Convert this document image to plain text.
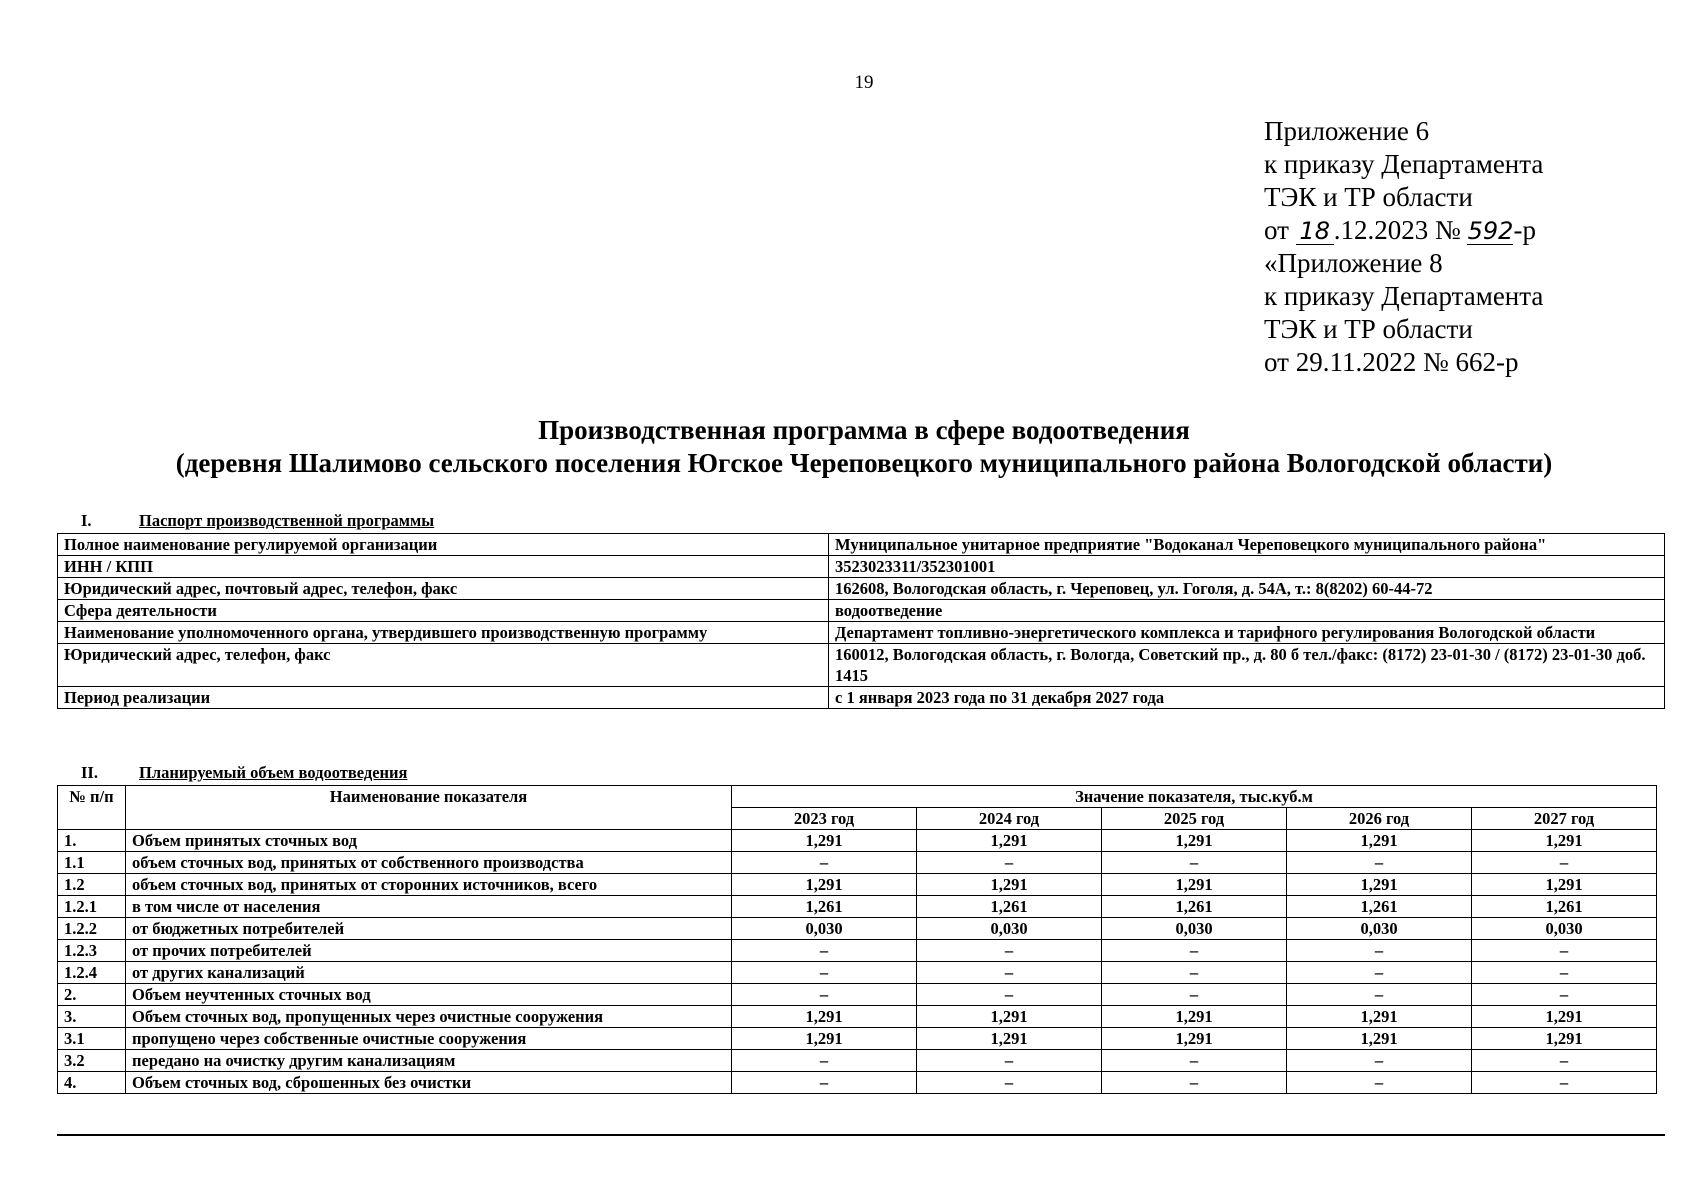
19
Приложение 6
к приказу Департамента
ТЭК и ТР области
от 18 .12.2023 № 592-р
«Приложение 8
к приказу Департамента
ТЭК и ТР области
от 29.11.2022 № 662-р
Производственная программа в сфере водоотведения
(деревня Шалимово сельского поселения Югское Череповецкого муниципального района Вологодской области)
I.	Паспорт производственной программы
Полное наименование регулируемой организации	Муниципальное унитарное предприятие "Водоканал Череповецкого муниципального района"
ИНН / КПП	3523023311/352301001
Юридический адрес, почтовый адрес, телефон, факс	162608, Вологодская область, г. Череповец, ул. Гоголя, д. 54А, т.: 8(8202) 60-44-72
Сфера деятельности	водоотведение
Наименование уполномоченного органа, утвердившего производственную программу	Департамент топливно-энергетического комплекса и тарифного регулирования Вологодской области
Юридический адрес, телефон, факс	160012, Вологодская область, г. Вологда, Советский пр., д. 80 б тел./факс: (8172) 23-01-30 / (8172) 23-01-30 доб. 1415
Период реализации	с 1 января 2023 года по 31 декабря 2027 года
II. Планируемый объем водоотведения
№ п/п	Наименование показателя	Значение показателя, тыс.куб.м				
		2023 год	2024 год	2025 год	2026 год	2027 год
1.	Объем принятых сточных вод	1,291	1,291	1,291	1,291	1,291
1.1	объем сточных вод, принятых от собственного производства	–	–	–	–	–
1.2	объем сточных вод, принятых от сторонних источников, всего	1,291	1,291	1,291	1,291	1,291
1.2.1	в том числе от населения	1,261	1,261	1,261	1,261	1,261
1.2.2	от бюджетных потребителей	0,030	0,030	0,030	0,030	0,030
1.2.3	от прочих потребителей	–	–	–	–	–
1.2.4	от других канализаций	–	–	–	–	–
2.	Объем неучтенных сточных вод	–	–	–	–	–
3.	Объем сточных вод, пропущенных через очистные сооружения	1,291	1,291	1,291	1,291	1,291
3.1	пропущено через собственные очистные сооружения	1,291	1,291	1,291	1,291	1,291
3.2	передано на очистку другим канализациям	–	–	–	–	–
4.	Объем сточных вод, сброшенных без очистки	–	–	–	–	–
